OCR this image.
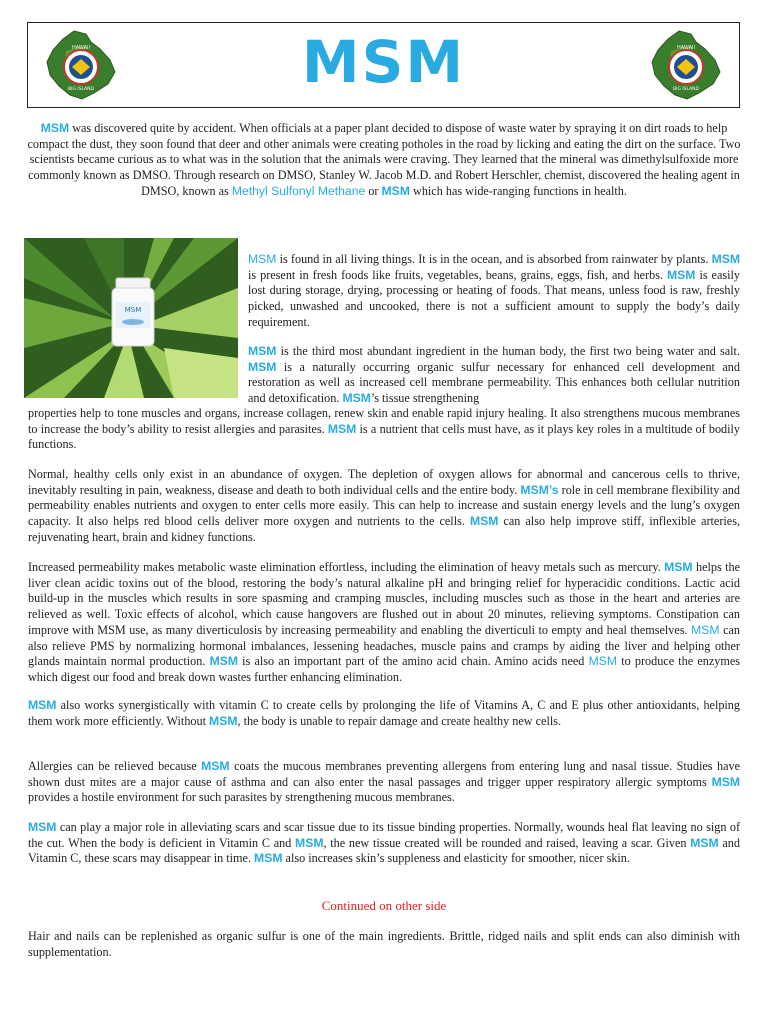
HAWAII
BIG ISLAND	MSM	HAWAII
BIG ISLAND

MSM was discovered quite by accident. When officials at a paper plant decided to dispose of waste water by spraying it on dirt roads to help compact the dust, they soon found that deer and other animals were creating potholes in the road by licking and eating the dirt on the surface. Two scientists became curious as to what was in the solution that the animals were craving. They learned that the mineral was dimethylsulfoxide more commonly known as DMSO. Through research on DMSO, Stanley W. Jacob M.D. and Robert Herschler, chemist, discovered the healing agent in DMSO, known as Methyl Sulfonyl Methane or MSM which has wide-ranging functions in health.

MSM

MSM is found in all living things. It is in the ocean, and is absorbed from rainwater by plants. MSM is present in fresh foods like fruits, vegetables, beans, grains, eggs, fish, and herbs. MSM is easily lost during storage, drying, processing or heating of foods. That means, unless food is raw, freshly picked, unwashed and uncooked, there is not a sufficient amount to supply the body’s daily requirement.

MSM is the third most abundant ingredient in the human body, the first two being water and salt. MSM is a naturally occurring organic sulfur necessary for enhanced cell development and restoration as well as increased cell membrane permeability. This enhances both cellular nutrition and detoxification. MSM’s tissue strengthening

properties help to tone muscles and organs, increase collagen, renew skin and enable rapid injury healing. It also strengthens mucous membranes to increase the body’s ability to resist allergies and parasites. MSM is a nutrient that cells must have, as it plays key roles in a multitude of bodily functions.

Normal, healthy cells only exist in an abundance of oxygen. The depletion of oxygen allows for abnormal and cancerous cells to thrive, inevitably resulting in pain, weakness, disease and death to both individual cells and the entire body. MSM’s role in cell membrane flexibility and permeability enables nutrients and oxygen to enter cells more easily. This can help to increase and sustain energy levels and the lung’s oxygen capacity. It also helps red blood cells deliver more oxygen and nutrients to the cells. MSM can also help improve stiff, inflexible arteries, rejuvenating heart, brain and kidney functions.

Increased permeability makes metabolic waste elimination effortless, including the elimination of heavy metals such as mercury. MSM helps the liver clean acidic toxins out of the blood, restoring the body’s natural alkaline pH and bringing relief for hyperacidic conditions. Lactic acid build-up in the muscles which results in sore spasming and cramping muscles, including muscles such as those in the heart and arteries are relieved as well. Toxic effects of alcohol, which cause hangovers are flushed out in about 20 minutes, relieving symptoms. Constipation can improve with MSM use, as many diverticulosis by increasing permeability and enabling the diverticuli to empty and heal themselves. MSM can also relieve PMS by normalizing hormonal imbalances, lessening headaches, muscle pains and cramps by aiding the liver and helping other glands maintain normal production. MSM is also an important part of the amino acid chain. Amino acids need MSM to produce the enzymes which digest our food and break down wastes further enhancing elimination.

MSM also works synergistically with vitamin C to create cells by prolonging the life of Vitamins A, C and E plus other antioxidants, helping them work more efficiently. Without MSM, the body is unable to repair damage and create healthy new cells.

Allergies can be relieved because MSM coats the mucous membranes preventing allergens from entering lung and nasal tissue. Studies have shown dust mites are a major cause of asthma and can also enter the nasal passages and trigger upper respiratory allergic symptoms MSM provides a hostile environment for such parasites by strengthening mucous membranes.

MSM can play a major role in alleviating scars and scar tissue due to its tissue binding properties. Normally, wounds heal flat leaving no sign of the cut. When the body is deficient in Vitamin C and MSM, the new tissue created will be rounded and raised, leaving a scar. Given MSM and Vitamin C, these scars may disappear in time. MSM also increases skin’s suppleness and elasticity for smoother, nicer skin.

Continued on other side

Hair and nails can be replenished as organic sulfur is one of the main ingredients. Brittle, ridged nails and split ends can also diminish with supplementation.
